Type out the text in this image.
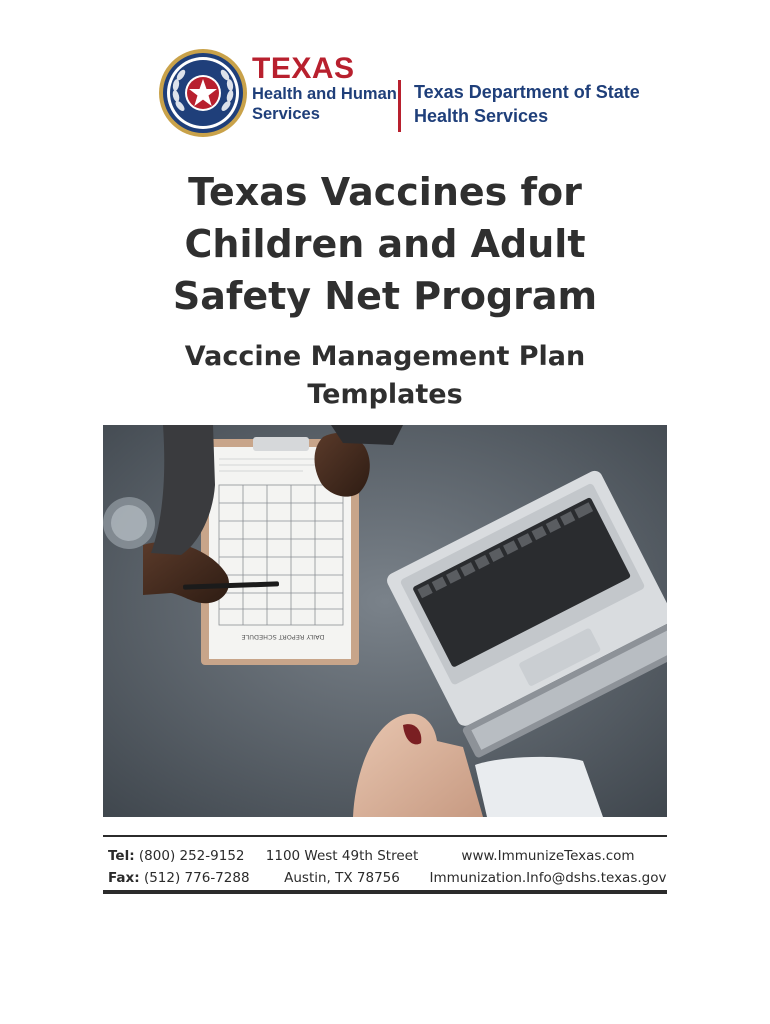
TEXAS
Health and Human
Services
Texas Department of State
Health Services
Texas Vaccines for
Children and Adult
Safety Net Program
Vaccine Management Plan
Templates
DAILY REPORT SCHEDULE
Tel: (800) 252-9152
Fax: (512) 776-7288
1100 West 49th Street
Austin, TX 78756
www.ImmunizeTexas.com
Immunization.Info@dshs.texas.gov
